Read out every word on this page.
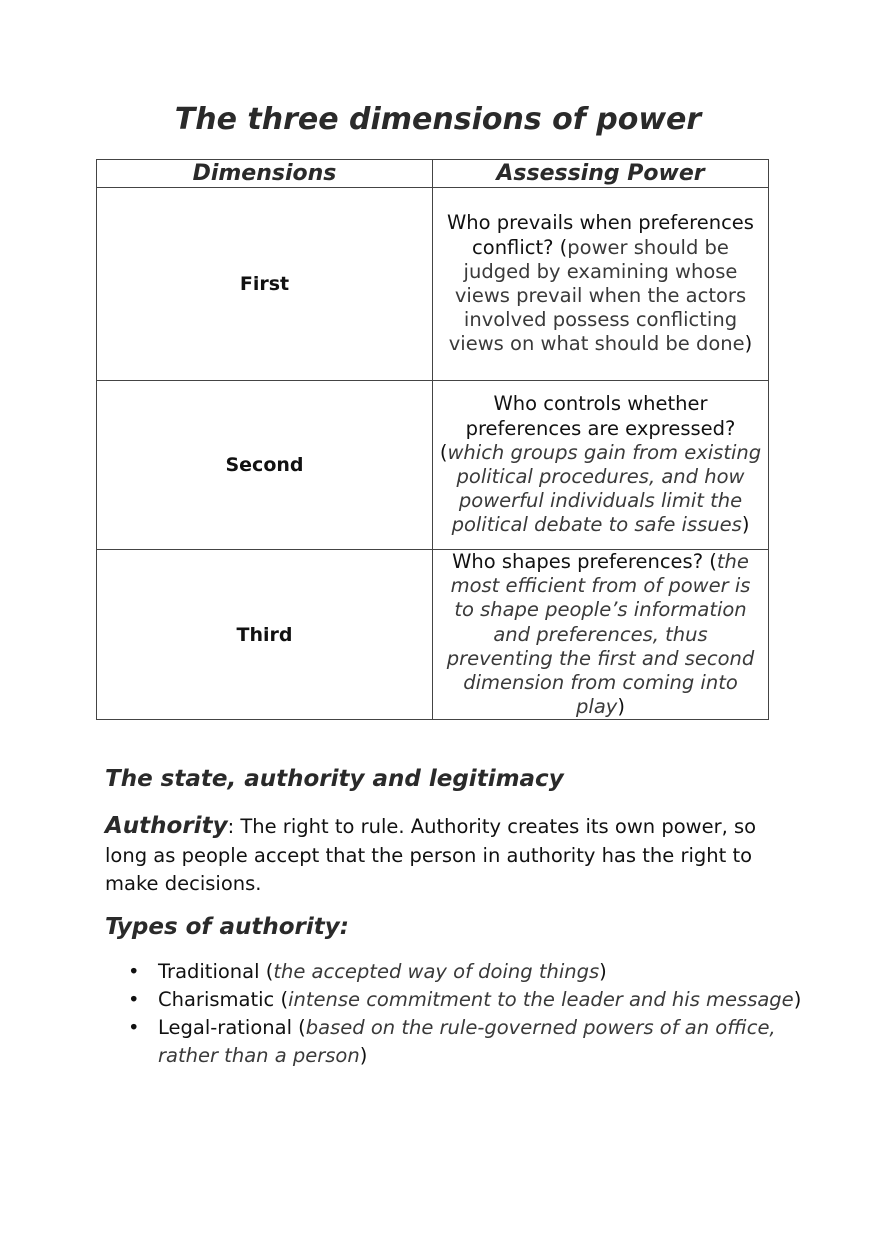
The three dimensions of power
Dimensions	Assessing Power
First	Who prevails when preferences conflict? (power should be judged by examining whose views prevail when the actors involved possess conflicting views on what should be done)
Second	Who controls whether preferences are expressed? (which groups gain from existing political procedures, and how powerful individuals limit the political debate to safe issues)
Third	Who shapes preferences? (the most efficient from of power is to shape people’s information and preferences, thus preventing the first and second dimension from coming into play)
The state, authority and legitimacy

Authority: The right to rule. Authority creates its own power, so long as people accept that the person in authority has the right to make decisions.

Types of authority:
• Traditional (the accepted way of doing things)
• Charismatic (intense commitment to the leader and his message)
• Legal-rational (based on the rule-governed powers of an office, rather than a person)
